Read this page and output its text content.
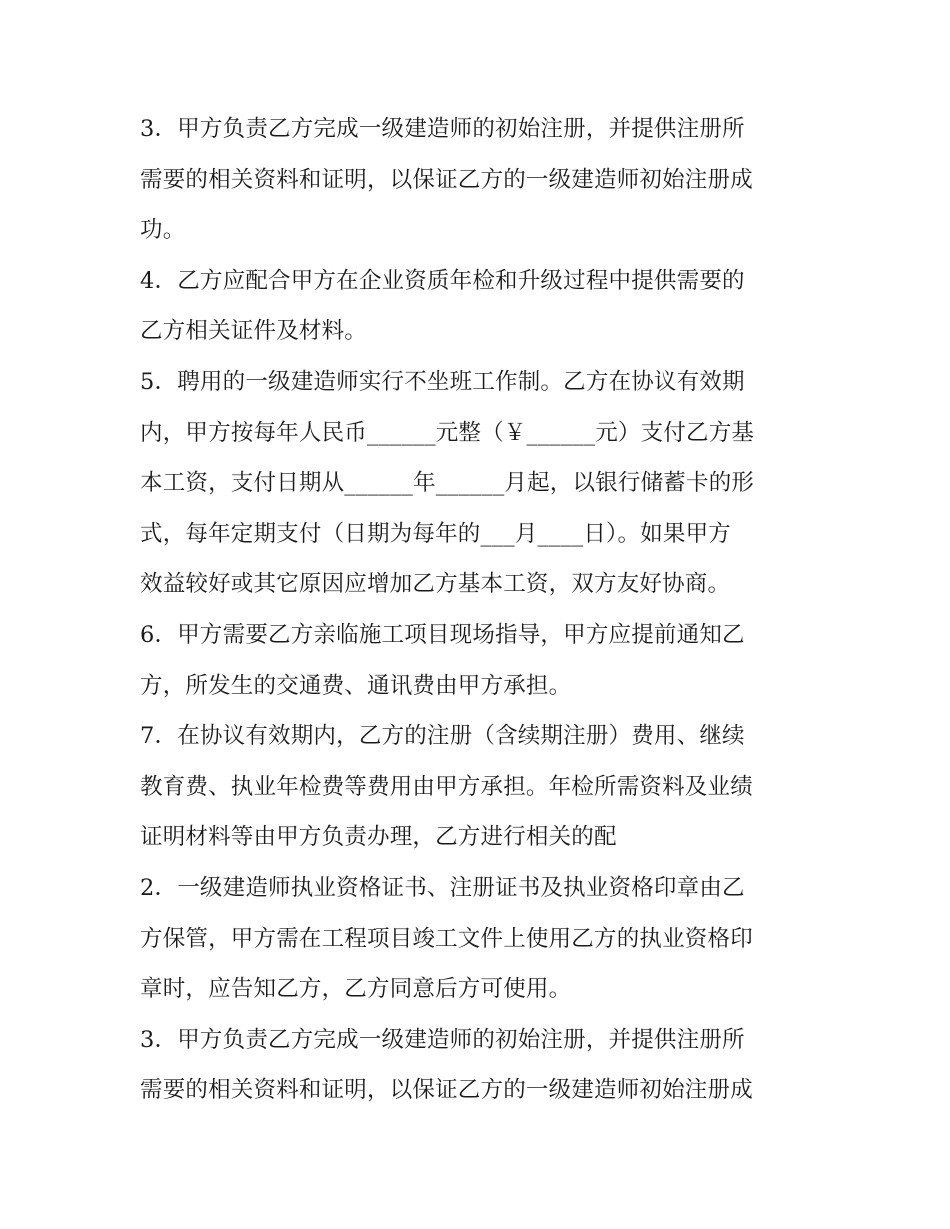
3．甲方负责乙方完成一级建造师的初始注册，并提供注册所
需要的相关资料和证明，以保证乙方的一级建造师初始注册成
功。
4．乙方应配合甲方在企业资质年检和升级过程中提供需要的
乙方相关证件及材料。
5．聘用的一级建造师实行不坐班工作制。乙方在协议有效期
内，甲方按每年人民币______元整（￥______元）支付乙方基
本工资，支付日期从______年______月起，以银行储蓄卡的形
式，每年定期支付（日期为每年的___月____日）。如果甲方
效益较好或其它原因应增加乙方基本工资，双方友好协商。
6．甲方需要乙方亲临施工项目现场指导，甲方应提前通知乙
方，所发生的交通费、通讯费由甲方承担。
7．在协议有效期内，乙方的注册（含续期注册）费用、继续
教育费、执业年检费等费用由甲方承担。年检所需资料及业绩
证明材料等由甲方负责办理，乙方进行相关的配
2．一级建造师执业资格证书、注册证书及执业资格印章由乙
方保管，甲方需在工程项目竣工文件上使用乙方的执业资格印
章时，应告知乙方，乙方同意后方可使用。
3．甲方负责乙方完成一级建造师的初始注册，并提供注册所
需要的相关资料和证明，以保证乙方的一级建造师初始注册成
